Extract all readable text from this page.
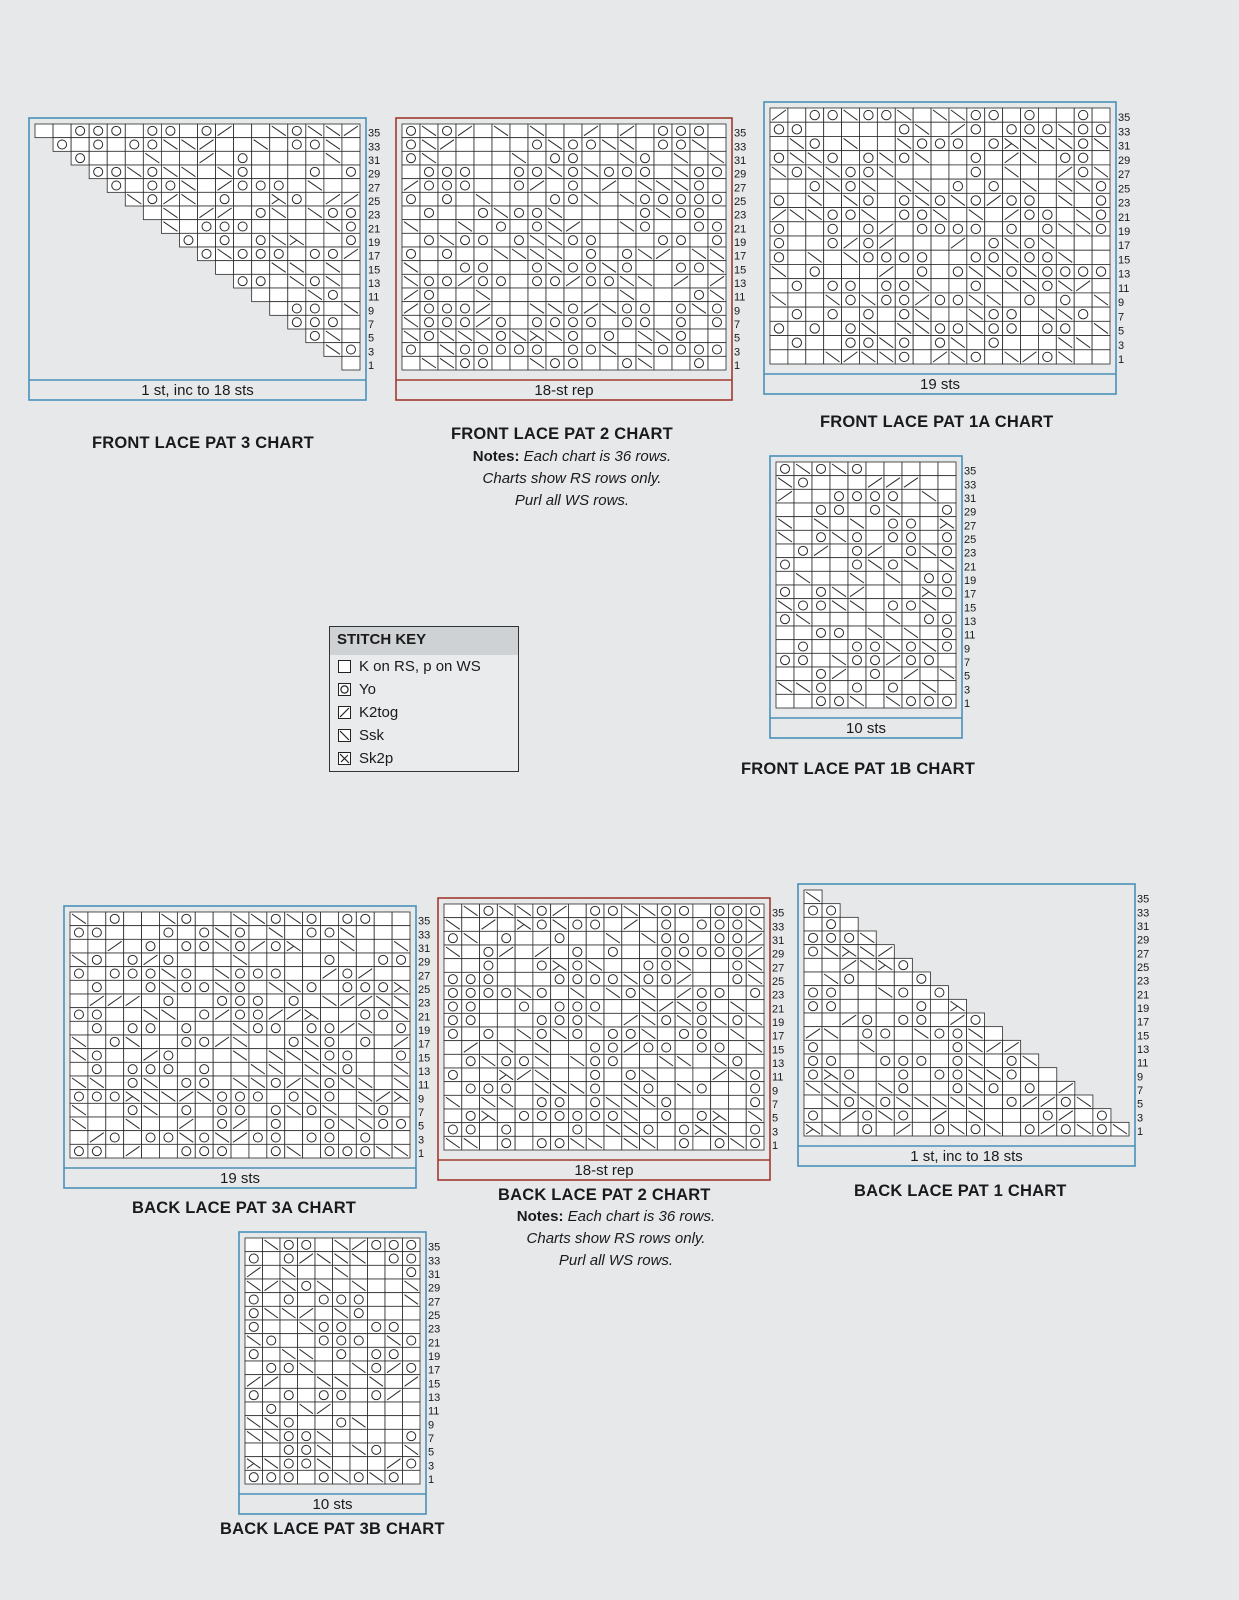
35
33
31
29
27
25
23
21
19
17
15
13
11
9
7
5
3
1
1 st, inc to 18 sts
FRONT LACE PAT 3 CHART
35
33
31
29
27
25
23
21
19
17
15
13
11
9
7
5
3
1
18-st rep
FRONT LACE PAT 2 CHART
Notes: Each chart is 36 rows.
Charts show RS rows only.
Purl all WS rows.
35
33
31
29
27
25
23
21
19
17
15
13
11
9
7
5
3
1
19 sts
FRONT LACE PAT 1A CHART
35
33
31
29
27
25
23
21
19
17
15
13
11
9
7
5
3
1
10 sts
FRONT LACE PAT 1B CHART
STITCH KEY
K on RS, p on WS
Yo
K2tog
Ssk
Sk2p
35
33
31
29
27
25
23
21
19
17
15
13
11
9
7
5
3
1
19 sts
BACK LACE PAT 3A CHART
35
33
31
29
27
25
23
21
19
17
15
13
11
9
7
5
3
1
18-st rep
BACK LACE PAT 2 CHART
Notes: Each chart is 36 rows.
Charts show RS rows only.
Purl all WS rows.
35
33
31
29
27
25
23
21
19
17
15
13
11
9
7
5
3
1
1 st, inc to 18 sts
BACK LACE PAT 1 CHART
35
33
31
29
27
25
23
21
19
17
15
13
11
9
7
5
3
1
10 sts
BACK LACE PAT 3B CHART
